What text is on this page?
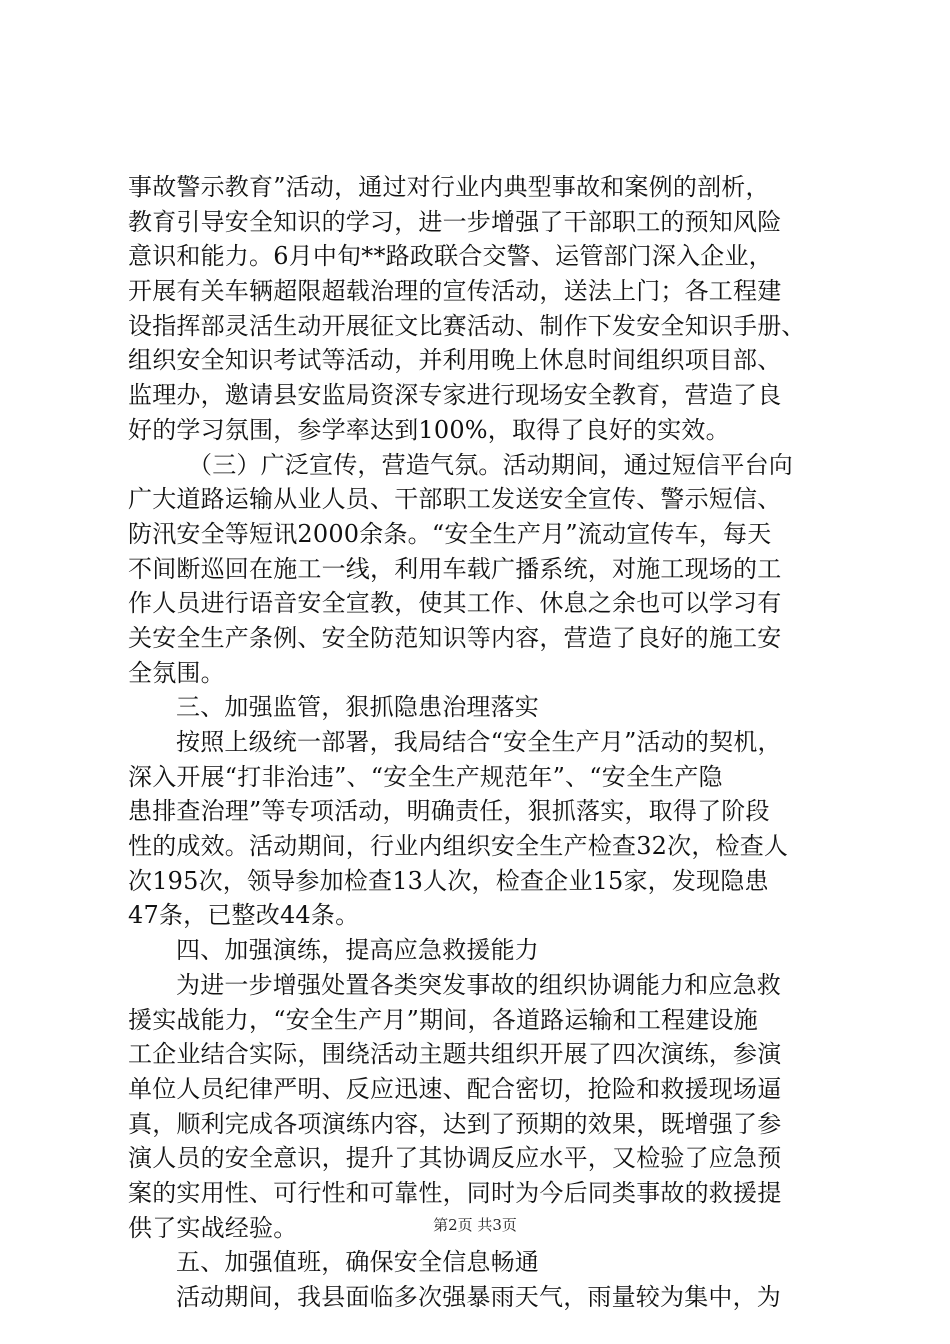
事故警示教育”活动，通过对行业内典型事故和案例的剖析，
教育引导安全知识的学习，进一步增强了干部职工的预知风险
意识和能力。6月中旬**路政联合交警、运管部门深入企业，
开展有关车辆超限超载治理的宣传活动，送法上门；各工程建
设指挥部灵活生动开展征文比赛活动、制作下发安全知识手册、
组织安全知识考试等活动，并利用晚上休息时间组织项目部、
监理办，邀请县安监局资深专家进行现场安全教育，营造了良
好的学习氛围，参学率达到100%，取得了良好的实效。
（三）广泛宣传，营造气氛。活动期间，通过短信平台向
广大道路运输从业人员、干部职工发送安全宣传、警示短信、
防汛安全等短讯2000余条。“安全生产月”流动宣传车，每天
不间断巡回在施工一线，利用车载广播系统，对施工现场的工
作人员进行语音安全宣教，使其工作、休息之余也可以学习有
关安全生产条例、安全防范知识等内容，营造了良好的施工安
全氛围。
三、加强监管，狠抓隐患治理落实
按照上级统一部署，我局结合“安全生产月”活动的契机，
深入开展“打非治违”、“安全生产规范年”、“安全生产隐
患排查治理”等专项活动，明确责任，狠抓落实，取得了阶段
性的成效。活动期间，行业内组织安全生产检查32次，检查人
次195次，领导参加检查13人次，检查企业15家，发现隐患
47条，已整改44条。
四、加强演练，提高应急救援能力
为进一步增强处置各类突发事故的组织协调能力和应急救
援实战能力，“安全生产月”期间，各道路运输和工程建设施
工企业结合实际，围绕活动主题共组织开展了四次演练，参演
单位人员纪律严明、反应迅速、配合密切，抢险和救援现场逼
真，顺利完成各项演练内容，达到了预期的效果，既增强了参
演人员的安全意识，提升了其协调反应水平，又检验了应急预
案的实用性、可行性和可靠性，同时为今后同类事故的救援提
供了实战经验。
五、加强值班，确保安全信息畅通
活动期间，我县面临多次强暴雨天气，雨量较为集中，为
第2页 共3页
